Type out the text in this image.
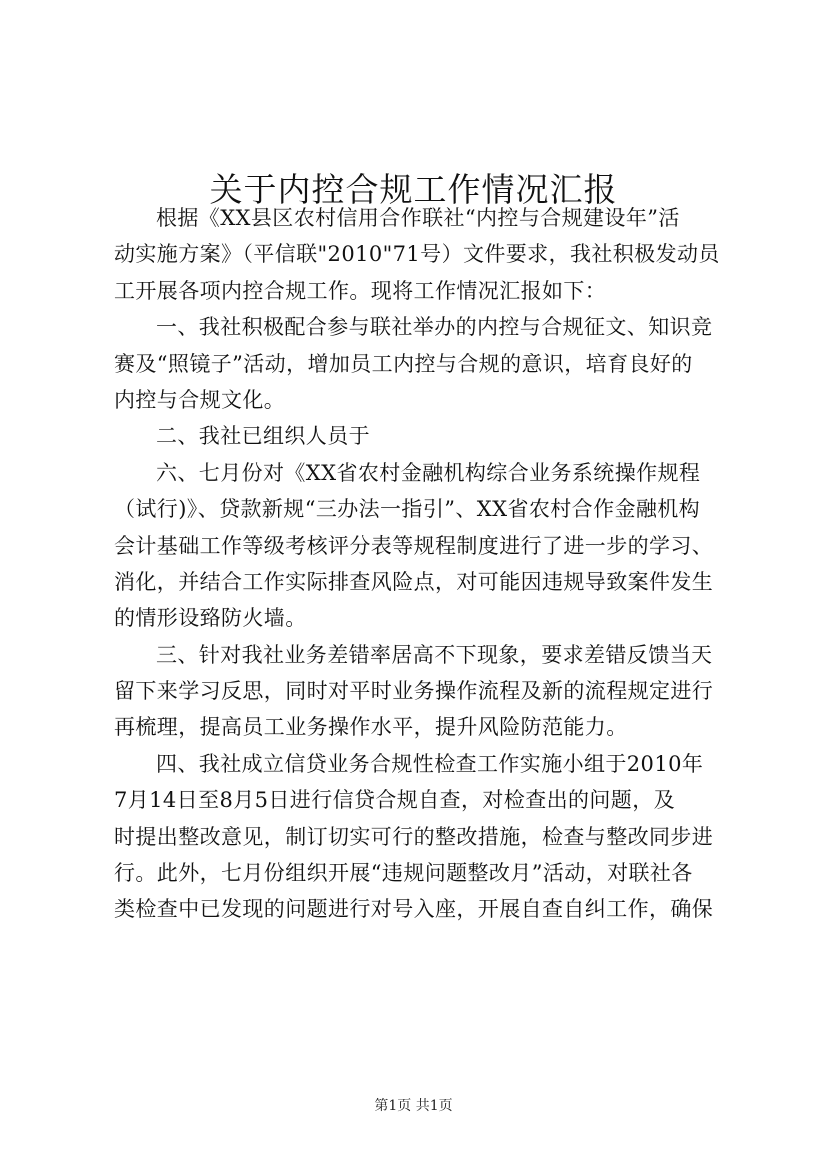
关于内控合规工作情况汇报
根据《XX县区农村信用合作联社“内控与合规建设年”活
动实施方案》（平信联"2010"71号）文件要求，我社积极发动员
工开展各项内控合规工作。现将工作情况汇报如下：
一、我社积极配合参与联社举办的内控与合规征文、知识竞
赛及“照镜子”活动，增加员工内控与合规的意识，培育良好的
内控与合规文化。
二、我社已组织人员于
六、七月份对《XX省农村金融机构综合业务系统操作规程
（试行)》、贷款新规“三办法一指引”、XX省农村合作金融机构
会计基础工作等级考核评分表等规程制度进行了进一步的学习、
消化，并结合工作实际排查风险点，对可能因违规导致案件发生
的情形设臵防火墙。
三、针对我社业务差错率居高不下现象，要求差错反馈当天
留下来学习反思，同时对平时业务操作流程及新的流程规定进行
再梳理，提高员工业务操作水平，提升风险防范能力。
四、我社成立信贷业务合规性检查工作实施小组于2010年
7月14日至8月5日进行信贷合规自查，对检查出的问题，及
时提出整改意见，制订切实可行的整改措施，检查与整改同步进
行。此外，七月份组织开展“违规问题整改月”活动，对联社各
类检查中已发现的问题进行对号入座，开展自查自纠工作，确保
第1页 共1页
